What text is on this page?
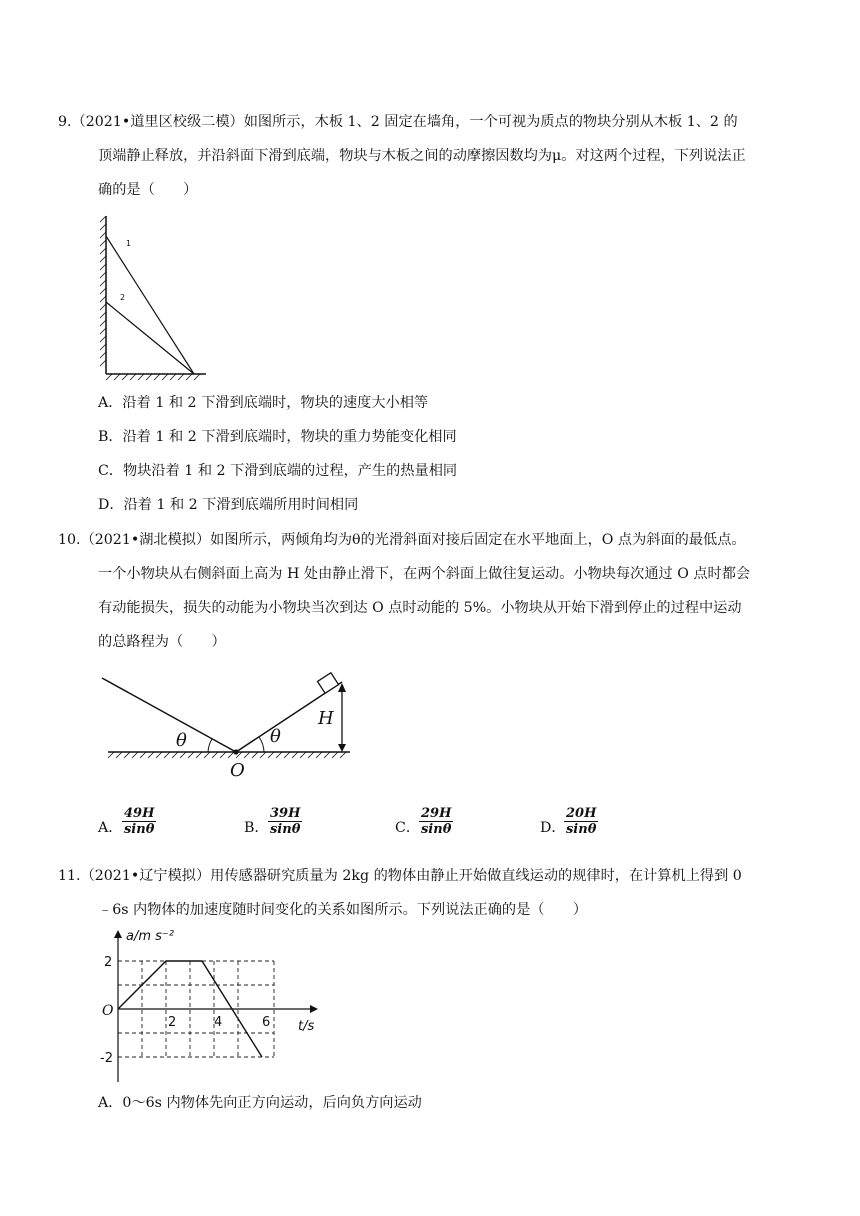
9.（2021•道里区校级二模）如图所示，木板 1、2 固定在墙角，一个可视为质点的物块分别从木板 1、2 的
顶端静止释放，并沿斜面下滑到底端，物块与木板之间的动摩擦因数均为μ。对这两个过程，下列说法正
确的是（　　）
1
2
A．沿着 1 和 2 下滑到底端时，物块的速度大小相等
B．沿着 1 和 2 下滑到底端时，物块的重力势能变化相同
C．物块沿着 1 和 2 下滑到底端的过程，产生的热量相同
D．沿着 1 和 2 下滑到底端所用时间相同
10.（2021•湖北模拟）如图所示，两倾角均为θ的光滑斜面对接后固定在水平地面上，O 点为斜面的最低点。
一个小物块从右侧斜面上高为 H 处由静止滑下，在两个斜面上做往复运动。小物块每次通过 O 点时都会
有动能损失，损失的动能为小物块当次到达 O 点时动能的 5%。小物块从开始下滑到停止的过程中运动
的总路程为（　　）
θ	θ
O
H
A． $\frac{49H}{\sin\theta}$	B． $\frac{39H}{\sin\theta}$	C．
$\frac{29H}{\sin\theta}$	D．
$\frac{20H}{\sin\theta}$
11.（2021•辽宁模拟）用传感器研究质量为 2kg 的物体由静止开始做直线运动的规律时，在计算机上得到 0
﹣6s 内物体的加速度随时间变化的关系如图所示。下列说法正确的是（　　）
a/m s⁻²
t/s
O
2
-2
2	4	6
A．0～6s 内物体先向正方向运动，后向负方向运动
